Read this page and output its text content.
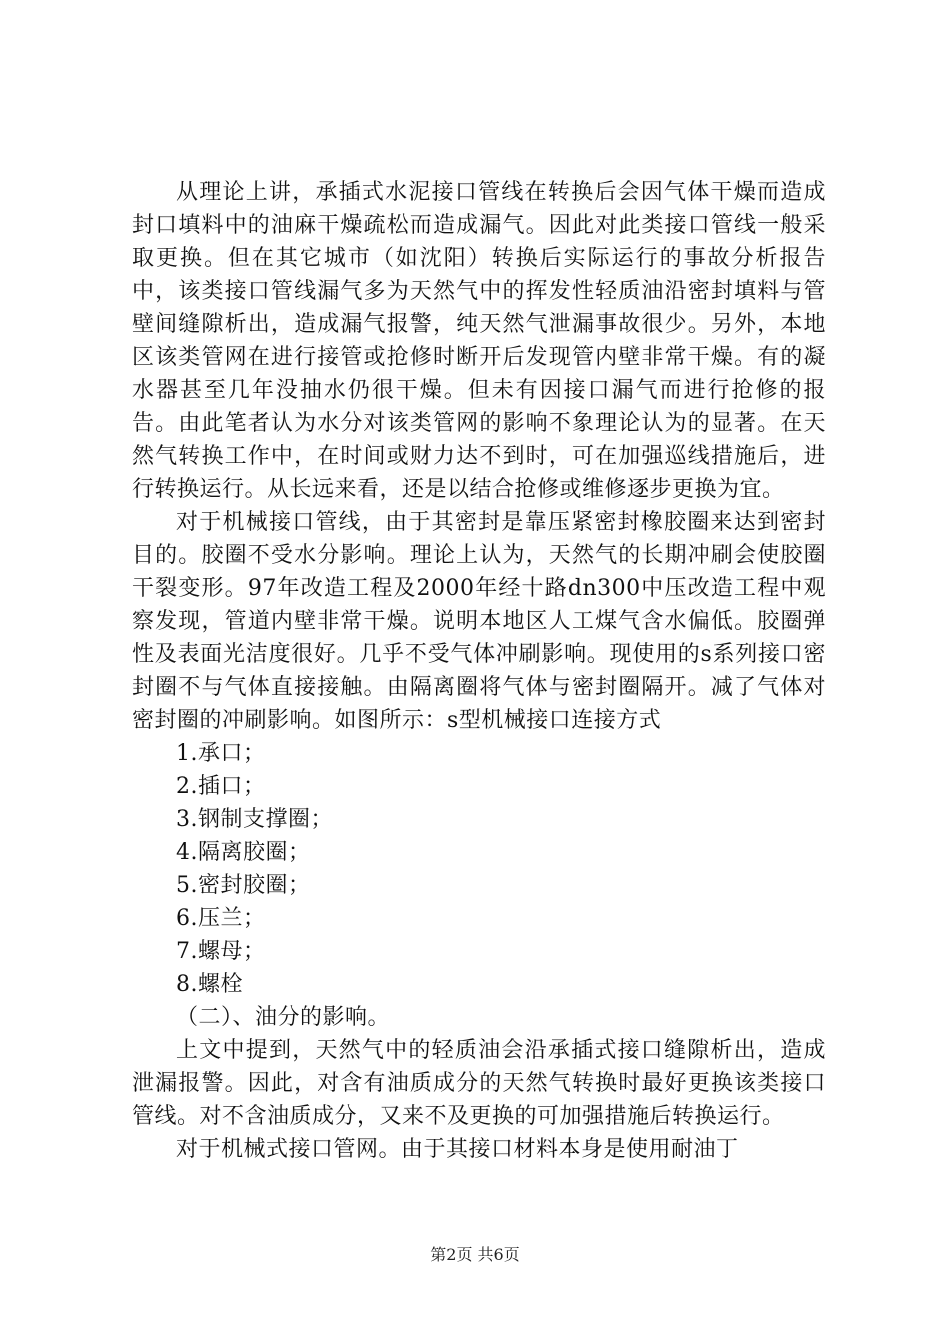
从理论上讲，承插式水泥接口管线在转换后会因气体干燥而造成封口填料中的油麻干燥疏松而造成漏气。因此对此类接口管线一般采取更换。但在其它城市（如沈阳）转换后实际运行的事故分析报告中，该类接口管线漏气多为天然气中的挥发性轻质油沿密封填料与管壁间缝隙析出，造成漏气报警，纯天然气泄漏事故很少。另外，本地区该类管网在进行接管或抢修时断开后发现管内壁非常干燥。有的凝水器甚至几年没抽水仍很干燥。但未有因接口漏气而进行抢修的报告。由此笔者认为水分对该类管网的影响不象理论认为的显著。在天然气转换工作中，在时间或财力达不到时，可在加强巡线措施后，进行转换运行。从长远来看，还是以结合抢修或维修逐步更换为宜。

对于机械接口管线，由于其密封是靠压紧密封橡胶圈来达到密封目的。胶圈不受水分影响。理论上认为，天然气的长期冲刷会使胶圈干裂变形。97年改造工程及2000年经十路dn300中压改造工程中观察发现，管道内壁非常干燥。说明本地区人工煤气含水偏低。胶圈弹性及表面光洁度很好。几乎不受气体冲刷影响。现使用的s系列接口密封圈不与气体直接接触。由隔离圈将气体与密封圈隔开。减了气体对密封圈的冲刷影响。如图所示：s型机械接口连接方式

1.承口；

2.插口；

3.钢制支撑圈；

4.隔离胶圈；

5.密封胶圈；

6.压兰；

7.螺母；

8.螺栓

（二）、油分的影响。

上文中提到，天然气中的轻质油会沿承插式接口缝隙析出，造成泄漏报警。因此，对含有油质成分的天然气转换时最好更换该类接口管线。对不含油质成分，又来不及更换的可加强措施后转换运行。

对于机械式接口管网。由于其接口材料本身是使用耐油丁

第2页 共6页
